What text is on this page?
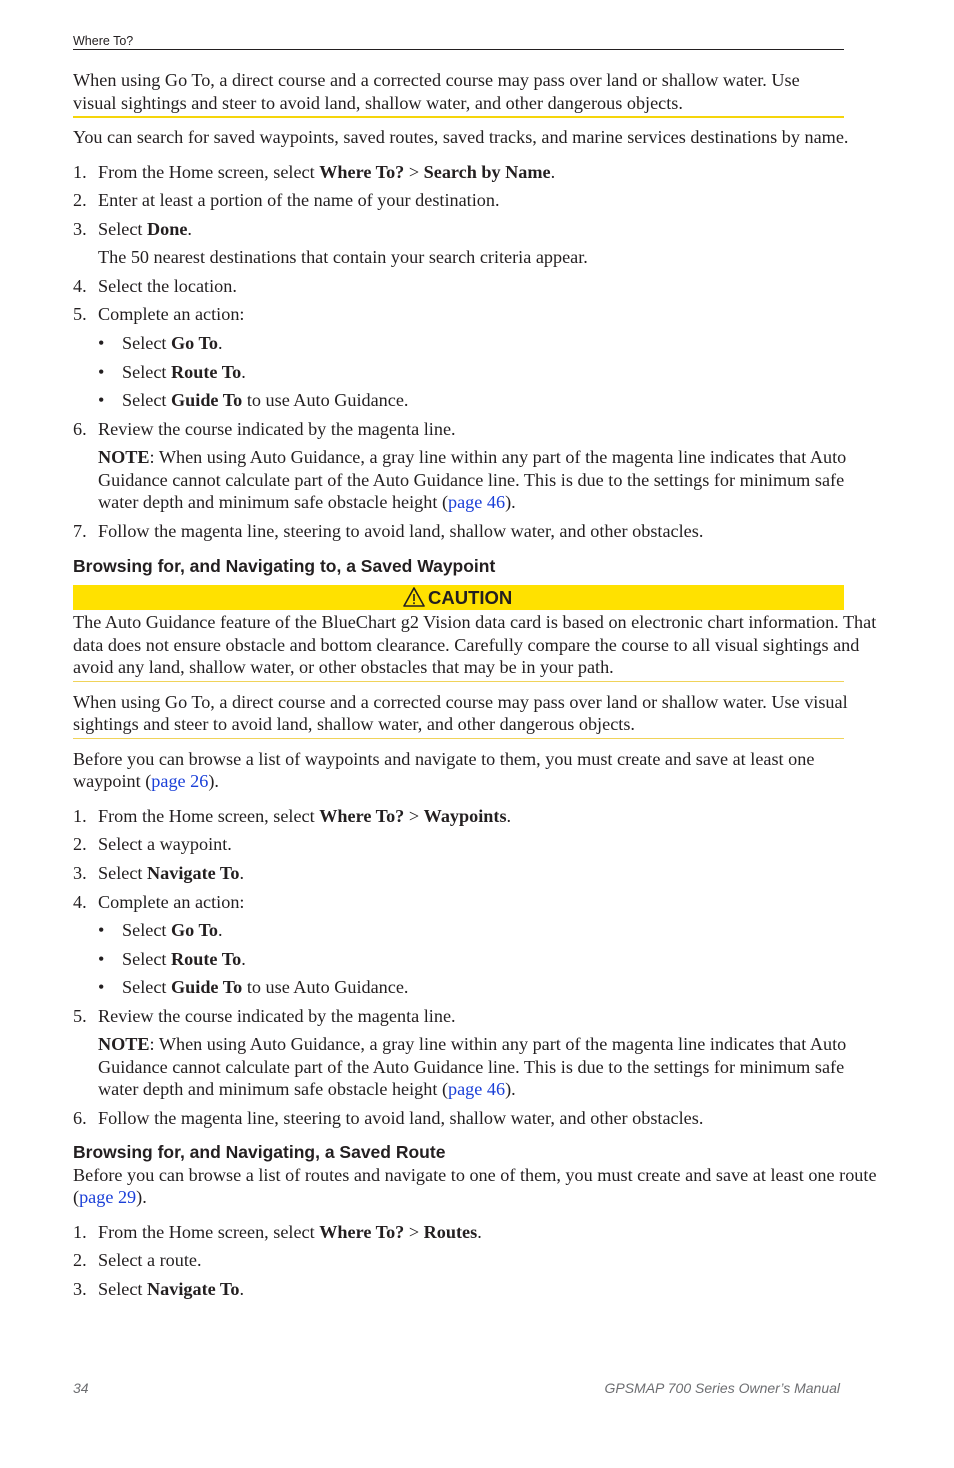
Where To?
When using Go To, a direct course and a corrected course may pass over land or shallow water. Use visual sightings and steer to avoid land, shallow water, and other dangerous objects.
You can search for saved waypoints, saved routes, saved tracks, and marine services destinations by name.
1. From the Home screen, select Where To? > Search by Name.
2. Enter at least a portion of the name of your destination.
3. Select Done.
The 50 nearest destinations that contain your search criteria appear.
4. Select the location.
5. Complete an action:
• Select Go To.
• Select Route To.
• Select Guide To to use Auto Guidance.
6. Review the course indicated by the magenta line.
NOTE: When using Auto Guidance, a gray line within any part of the magenta line indicates that Auto
Guidance cannot calculate part of the Auto Guidance line. This is due to the settings for minimum safe
water depth and minimum safe obstacle height (page 46).
7. Follow the magenta line, steering to avoid land, shallow water, and other obstacles.
Browsing for, and Navigating to, a Saved Waypoint
CAUTION
The Auto Guidance feature of the BlueChart g2 Vision data card is based on electronic chart information. That
data does not ensure obstacle and bottom clearance. Carefully compare the course to all visual sightings and
avoid any land, shallow water, or other obstacles that may be in your path.
When using Go To, a direct course and a corrected course may pass over land or shallow water. Use visual
sightings and steer to avoid land, shallow water, and other dangerous objects.
Before you can browse a list of waypoints and navigate to them, you must create and save at least one
waypoint (page 26).
1. From the Home screen, select Where To? > Waypoints.
2. Select a waypoint.
3. Select Navigate To.
4. Complete an action:
• Select Go To.
• Select Route To.
• Select Guide To to use Auto Guidance.
5. Review the course indicated by the magenta line.
NOTE: When using Auto Guidance, a gray line within any part of the magenta line indicates that Auto
Guidance cannot calculate part of the Auto Guidance line. This is due to the settings for minimum safe
water depth and minimum safe obstacle height (page 46).
6. Follow the magenta line, steering to avoid land, shallow water, and other obstacles.
Browsing for, and Navigating, a Saved Route
Before you can browse a list of routes and navigate to one of them, you must create and save at least one route
(page 29).
1. From the Home screen, select Where To? > Routes.
2. Select a route.
3. Select Navigate To.
34	GPSMAP 700 Series Owner’s Manual
